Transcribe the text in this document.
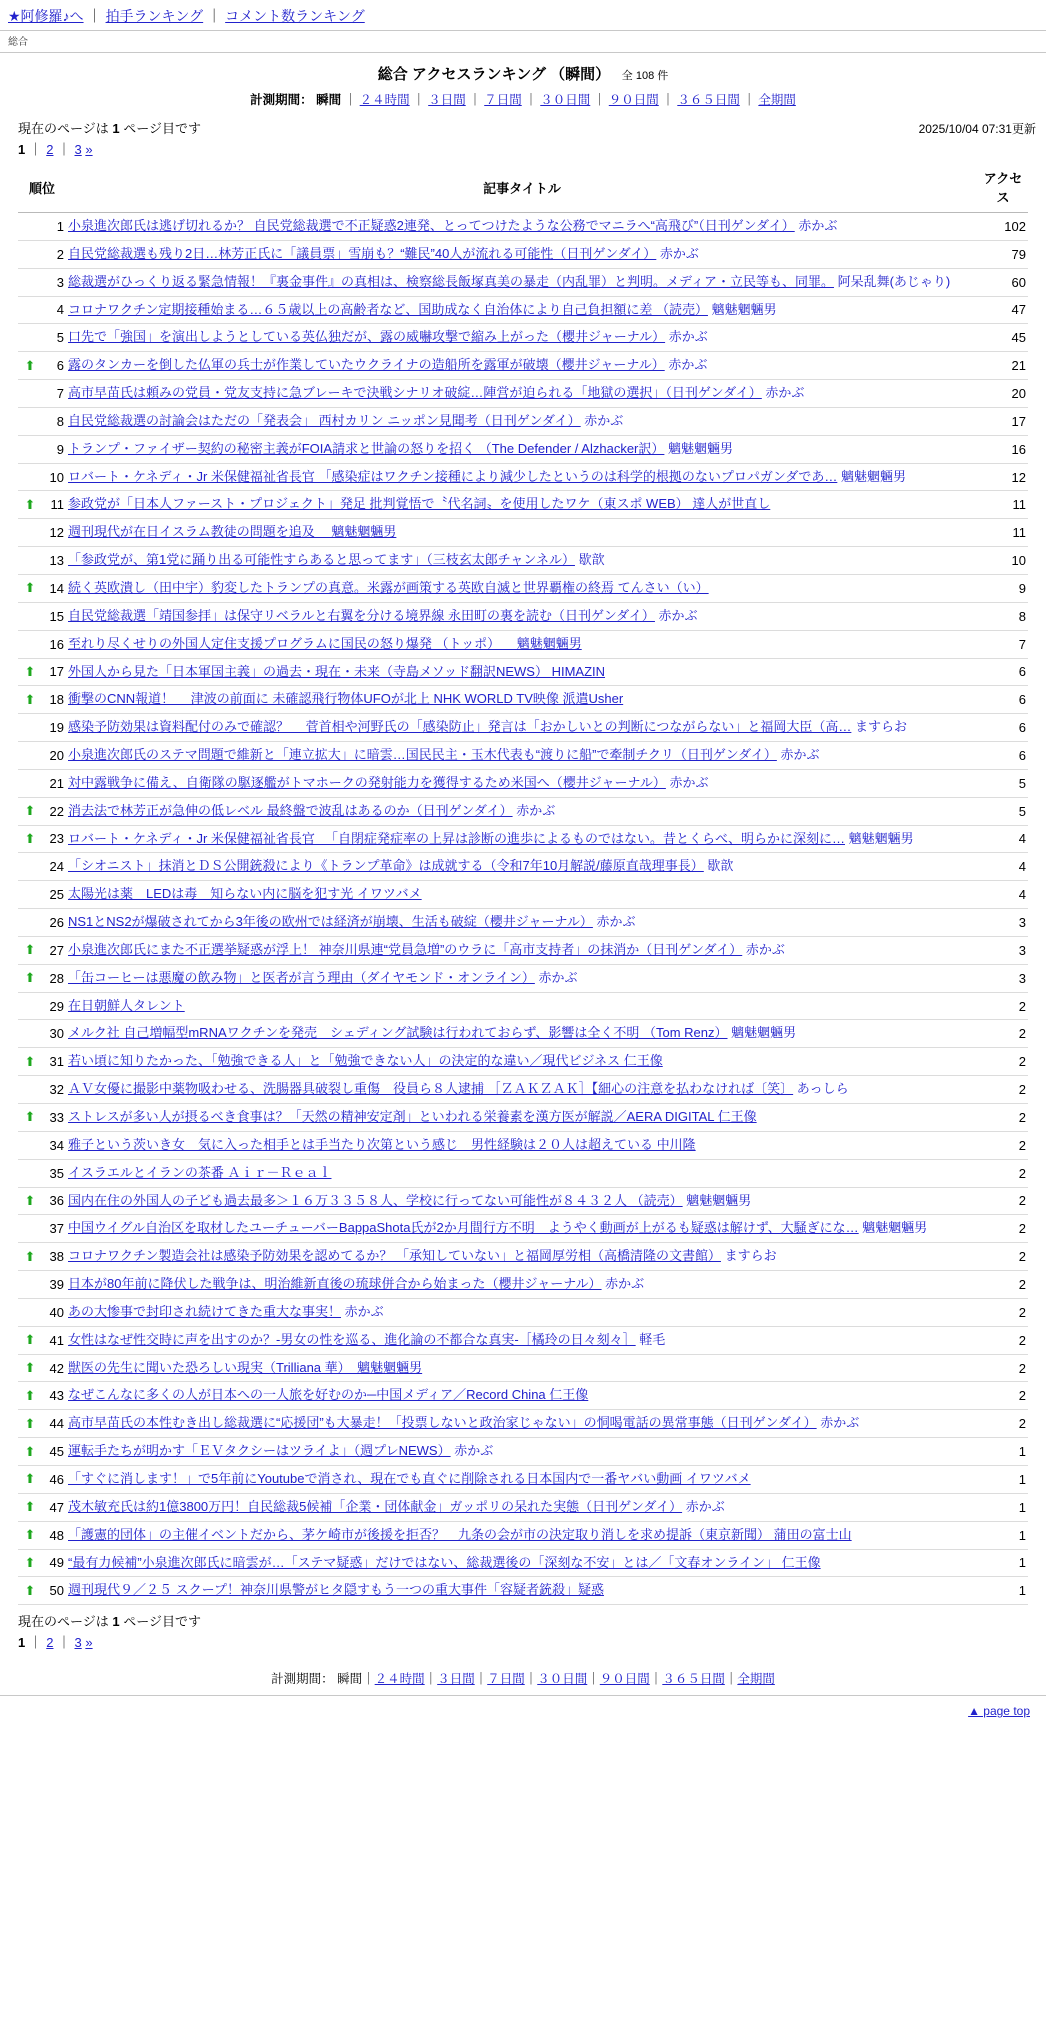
★阿修羅♪へ ｜ 拍手ランキング ｜ コメント数ランキング
総合
総合 アクセスランキング （瞬間） 全 108 件
計測期間： 瞬間 ｜ ２４時間 ｜ ３日間 ｜ ７日間 ｜ ３０日間 ｜ ９０日間 ｜ ３６５日間 ｜ 全期間
現在のページは 1 ページ目です	2025/10/04 07:31更新
1 ｜ 2 ｜ 3 »
順位		記事タイトル	アクセス
	1	小泉進次郎氏は逃げ切れるか？ 自民党総裁選で不正疑惑2連発、とってつけたような公務でマニラへ“高飛び”（日刊ゲンダイ） 赤かぶ	102
	2	自民党総裁選も残り2日…林芳正氏に「議員票」雪崩も？“難民”40人が流れる可能性（日刊ゲンダイ） 赤かぶ	79
	3	総裁選がひっくり返る緊急情報！『裏金事件』の真相は、検察総長飯塚真美の暴走（内乱罪）と判明。メディア・立民等も、同罪。 阿呆乱舞(あじゃり)	60
	4	コロナワクチン定期接種始まる…６５歳以上の高齢者など、国助成なく自治体により自己負担額に差 （読売） 魑魅魍魎男	47
	5	口先で「強国」を演出しようとしている英仏独だが、露の威嚇攻撃で縮み上がった（櫻井ジャーナル） 赤かぶ	45
⬆	6	露のタンカーを倒した仏軍の兵士が作業していたウクライナの造船所を露軍が破壊（櫻井ジャーナル） 赤かぶ	21
	7	高市早苗氏は頼みの党員・党友支持に急ブレーキで決戦シナリオ破綻…陣営が迫られる「地獄の選択」（日刊ゲンダイ） 赤かぶ	20
	8	自民党総裁選の討論会はただの「発表会」 西村カリン ニッポン見聞考（日刊ゲンダイ） 赤かぶ	17
	9	トランプ・ファイザー契約の秘密主義がFOIA請求と世論の怒りを招く （The Defender / Alzhacker訳） 魑魅魍魎男	16
	10	ロバート・ケネディ・Jr 米保健福祉省長官 「感染症はワクチン接種により減少したというのは科学的根拠のないプロパガンダであ… 魑魅魍魎男	12
⬆	11	参政党が「日本人ファースト・プロジェクト」発足 批判覚悟で〝代名詞〟を使用したワケ（東スポ WEB） 達人が世直し	11
	12	週刊現代が在日イスラム教徒の問題を追及 　魑魅魍魎男	11
	13	「参政党が、第1党に踊り出る可能性すらあると思ってます」（三枝玄太郎チャンネル） 歇歆	10
⬆	14	続く英欧潰し（田中宇）豹変したトランプの真意。米露が画策する英欧自滅と世界覇権の終焉 てんさい（い）	9
	15	自民党総裁選「靖国参拝」は保守リベラルと右翼を分ける境界線 永田町の裏を読む（日刊ゲンダイ） 赤かぶ	8
	16	至れり尽くせりの外国人定住支援プログラムに国民の怒り爆発 （トッポ） 　魑魅魍魎男	7
⬆	17	外国人から見た「日本軍国主義」の過去・現在・未来（寺島メソッド翻訳NEWS） HIMAZIN	6
⬆	18	衝撃のCNN報道！ 　津波の前面に 未確認飛行物体UFOが北上 NHK WORLD TV映像 派遣Usher	6
	19	感染予防効果は資料配付のみで確認？ 　菅首相や河野氏の「感染防止」発言は「おかしいとの判断につながらない」と福岡大臣（高… ますらお	6
	20	小泉進次郎氏のステマ問題で維新と「連立拡大」に暗雲…国民民主・玉木代表も“渡りに船”で牽制チクリ（日刊ゲンダイ） 赤かぶ	6
	21	対中露戦争に備え、自衛隊の駆逐艦がトマホークの発射能力を獲得するため米国へ（櫻井ジャーナル） 赤かぶ	5
⬆	22	消去法で林芳正が急伸の低レベル 最終盤で波乱はあるのか（日刊ゲンダイ） 赤かぶ	5
⬆	23	ロバート・ケネディ・Jr 米保健福祉省長官 　「自閉症発症率の上昇は診断の進歩によるものではない。昔とくらべ、明らかに深刻に… 魑魅魍魎男	4
	24	「シオニスト」抹消とＤＳ公開銃殺により《トランプ革命》は成就する（令和7年10月解説/藤原直哉理事長） 歇歆	4
	25	太陽光は薬　LEDは毒　知らない内に脳を犯す光 イワツバメ	4
	26	NS1とNS2が爆破されてから3年後の欧州では経済が崩壊、生活も破綻（櫻井ジャーナル） 赤かぶ	3
⬆	27	小泉進次郎氏にまた不正選挙疑惑が浮上！ 神奈川県連“党員急増”のウラに「高市支持者」の抹消か（日刊ゲンダイ） 赤かぶ	3
⬆	28	「缶コーヒーは悪魔の飲み物」と医者が言う理由（ダイヤモンド・オンライン） 赤かぶ	3
	29	在日朝鮮人タレント	2
	30	メルク社 自己増幅型mRNAワクチンを発売　シェディング試験は行われておらず、影響は全く不明 （Tom Renz） 魑魅魍魎男	2
⬆	31	若い頃に知りたかった、「勉強できる人」と「勉強できない人」の決定的な違い／現代ビジネス 仁王像	2
	32	ＡＶ女優に撮影中薬物吸わせる、洗腸器具破裂し重傷　役員ら８人逮捕 ［ＺＡＫＺＡＫ］【細心の注意を払わなければ〔笑〕 あっしら	2
⬆	33	ストレスが多い人が摂るべき食事は？「天然の精神安定剤」といわれる栄養素を漢方医が解説／AERA DIGITAL 仁王像	2
	34	雅子という茨いき女　気に入った相手とは手当たり次第という感じ　男性経験は２０人は超えている 中川隆	2
	35	イスラエルとイランの茶番 Ａｉｒ－Ｒｅａｌ	2
⬆	36	国内在住の外国人の子ども過去最多＞１６万３３５８人、学校に行ってない可能性が８４３２人 （読売） 魑魅魍魎男	2
	37	中国ウイグル自治区を取材したユーチューバーBappaShota氏が2か月間行方不明　ようやく動画が上がるも疑惑は解けず、大騒ぎにな… 魑魅魍魎男	2
⬆	38	コロナワクチン製造会社は感染予防効果を認めてるか？ 「承知していない」と福岡厚労相（高橋清隆の文書館） ますらお	2
	39	日本が80年前に降伏した戦争は、明治維新直後の琉球併合から始まった（櫻井ジャーナル） 赤かぶ	2
	40	あの大惨事で封印され続けてきた重大な事実！ 赤かぶ	2
⬆	41	女性はなぜ性交時に声を出すのか？-男女の性を巡る、進化論の不都合な真実-［橘玲の日々刻々］ 軽毛	2
⬆	42	獣医の先生に聞いた恐ろしい現実（Trilliana 華）　魑魅魍魎男	2
⬆	43	なぜこんなに多くの人が日本への一人旅を好むのか─中国メディア／Record China 仁王像	2
⬆	44	高市早苗氏の本性むき出し総裁選に“応援団”も大暴走！「投票しないと政治家じゃない」の恫喝電話の異常事態（日刊ゲンダイ） 赤かぶ	2
⬆	45	運転手たちが明かす「ＥＶタクシーはツライよ」（週プレNEWS） 赤かぶ	1
⬆	46	「すぐに消します！」で5年前にYoutubeで消され、現在でも直ぐに削除される日本国内で一番ヤバい動画 イワツバメ	1
⬆	47	茂木敏充氏は約1億3800万円！自民総裁5候補「企業・団体献金」ガッポリの呆れた実態（日刊ゲンダイ） 赤かぶ	1
⬆	48	「護憲的団体」の主催イベントだから、茅ケ崎市が後援を拒否？　九条の会が市の決定取り消しを求め提訴（東京新聞） 蒲田の富士山	1
⬆	49	“最有力候補”小泉進次郎氏に暗雲が…「ステマ疑惑」だけではない、総裁選後の「深刻な不安」とは／「文春オンライン」 仁王像	1
⬆	50	週刊現代９／２５ スクープ！神奈川県警がヒタ隠すもう一つの重大事件「容疑者銃殺」疑惑	1
現在のページは 1 ページ目です
1 ｜ 2 ｜ 3 »
計測期間： 瞬間｜２４時間｜３日間｜７日間｜３０日間｜９０日間｜３６５日間｜全期間
▲ page top
